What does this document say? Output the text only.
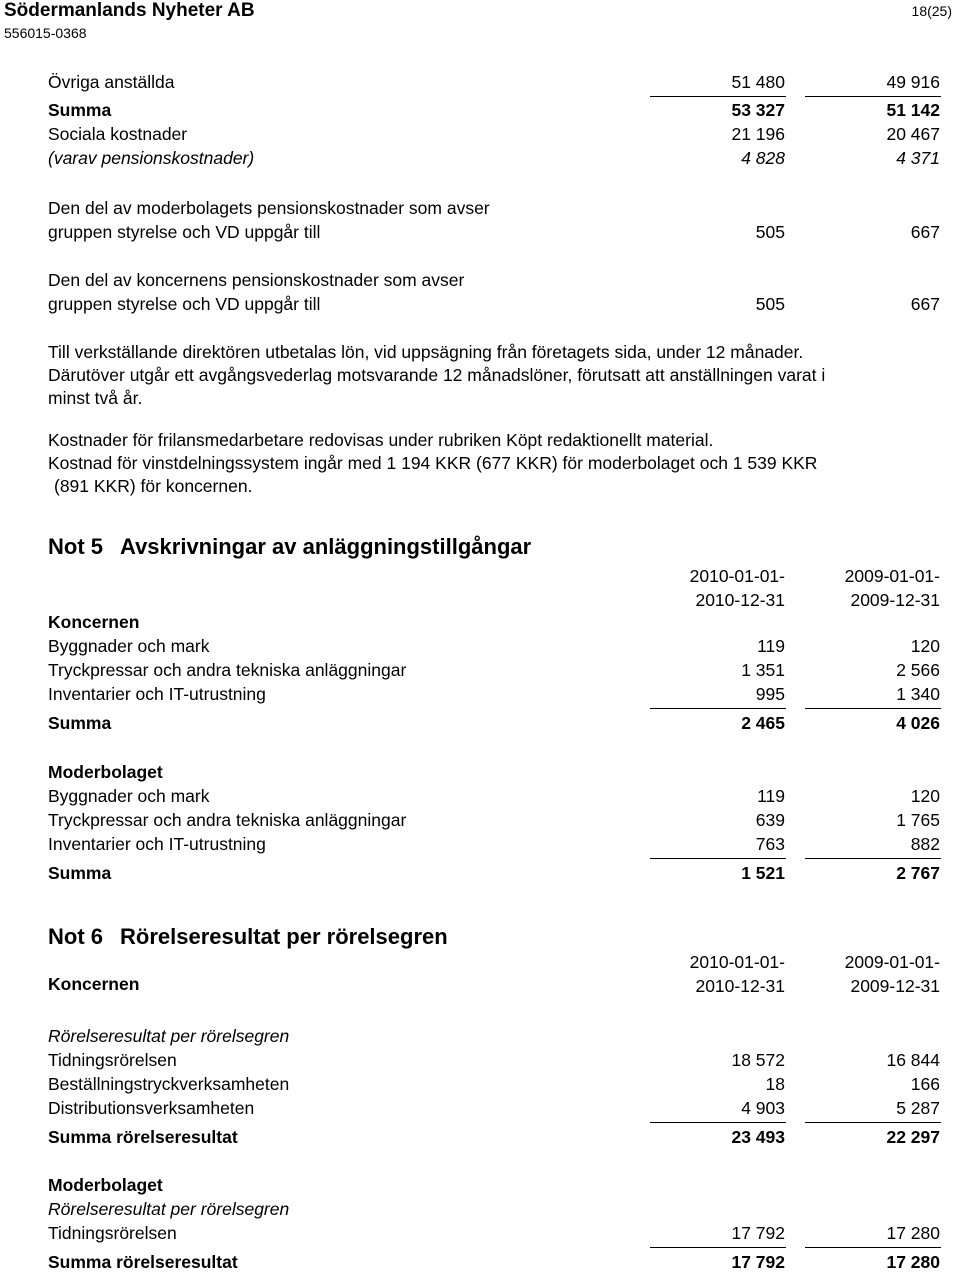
Södermanlands Nyheter AB
556015-0368
18(25)
Övriga anställda	51 480	49 916
Summa	53 327	51 142
Sociala kostnader	21 196	20 467
(varav pensionskostnader)	4 828	4 371
Den del av moderbolagets pensionskostnader som avser
gruppen styrelse och VD uppgår till	505	667
Den del av koncernens pensionskostnader som avser
gruppen styrelse och VD uppgår till	505	667
Till verkställande direktören utbetalas lön, vid uppsägning från företagets sida, under 12 månader.
Därutöver utgår ett avgångsvederlag motsvarande 12 månadslöner, förutsatt att anställningen varat i
minst två år.
Kostnader för frilansmedarbetare redovisas under rubriken Köpt redaktionellt material.
Kostnad för vinstdelningssystem ingår med 1 194 KKR (677 KKR) för moderbolaget och 1 539 KKR
(891 KKR) för koncernen.
Not 5 Avskrivningar av anläggningstillgångar
2010-01-01-	2009-01-01-
2010-12-31	2009-12-31
Koncernen
Byggnader och mark	119	120
Tryckpressar och andra tekniska anläggningar	1 351	2 566
Inventarier och IT-utrustning	995	1 340
Summa	2 465	4 026
Moderbolaget
Byggnader och mark	119	120
Tryckpressar och andra tekniska anläggningar	639	1 765
Inventarier och IT-utrustning	763	882
Summa	1 521	2 767
Not 6 Rörelseresultat per rörelsegren
2010-01-01-	2009-01-01-
2010-12-31	2009-12-31
Koncernen
Rörelseresultat per rörelsegren
Tidningsrörelsen	18 572	16 844
Beställningstryckverksamheten	18	166
Distributionsverksamheten	4 903	5 287
Summa rörelseresultat	23 493	22 297
Moderbolaget
Rörelseresultat per rörelsegren
Tidningsrörelsen	17 792	17 280
Summa rörelseresultat	17 792	17 280
